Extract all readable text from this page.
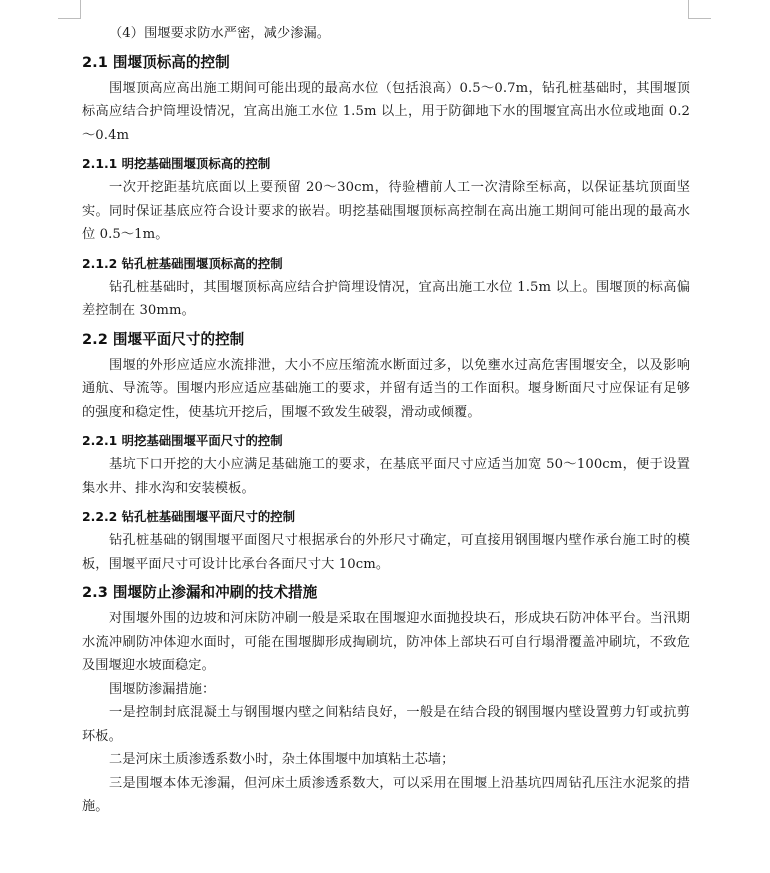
（4）围堰要求防水严密，减少渗漏。

2.1 围堰顶标高的控制

围堰顶高应高出施工期间可能出现的最高水位（包括浪高）0.5～0.7m，钻孔桩基础时，其围堰顶标高应结合护筒埋设情况，宜高出施工水位 1.5m 以上，用于防御地下水的围堰宜高出水位或地面 0.2～0.4m

2.1.1 明挖基础围堰顶标高的控制

一次开挖距基坑底面以上要预留 20～30cm，待验槽前人工一次清除至标高，以保证基坑顶面坚实。同时保证基底应符合设计要求的嵌岩。明挖基础围堰顶标高控制在高出施工期间可能出现的最高水位 0.5～1m。

2.1.2 钻孔桩基础围堰顶标高的控制

钻孔桩基础时，其围堰顶标高应结合护筒埋设情况，宜高出施工水位 1.5m 以上。围堰顶的标高偏差控制在 30mm。

2.2 围堰平面尺寸的控制

围堰的外形应适应水流排泄，大小不应压缩流水断面过多，以免壅水过高危害围堰安全，以及影响通航、导流等。围堰内形应适应基础施工的要求，并留有适当的工作面积。堰身断面尺寸应保证有足够的强度和稳定性，使基坑开挖后，围堰不致发生破裂，滑动或倾覆。

2.2.1 明挖基础围堰平面尺寸的控制

基坑下口开挖的大小应满足基础施工的要求，在基底平面尺寸应适当加宽 50～100cm，便于设置集水井、排水沟和安装模板。

2.2.2 钻孔桩基础围堰平面尺寸的控制

钻孔桩基础的钢围堰平面图尺寸根据承台的外形尺寸确定，可直接用钢围堰内壁作承台施工时的模板，围堰平面尺寸可设计比承台各面尺寸大 10cm。

2.3 围堰防止渗漏和冲刷的技术措施

对围堰外围的边坡和河床防冲刷一般是采取在围堰迎水面抛投块石，形成块石防冲体平台。当汛期水流冲刷防冲体迎水面时，可能在围堰脚形成掏刷坑，防冲体上部块石可自行塌滑覆盖冲刷坑，不致危及围堰迎水坡面稳定。

围堰防渗漏措施：

一是控制封底混凝土与钢围堰内壁之间粘结良好，一般是在结合段的钢围堰内壁设置剪力钉或抗剪环板。

二是河床土质渗透系数小时，杂土体围堰中加填粘土芯墙；

三是围堰本体无渗漏，但河床土质渗透系数大，可以采用在围堰上沿基坑四周钻孔压注水泥浆的措施。
